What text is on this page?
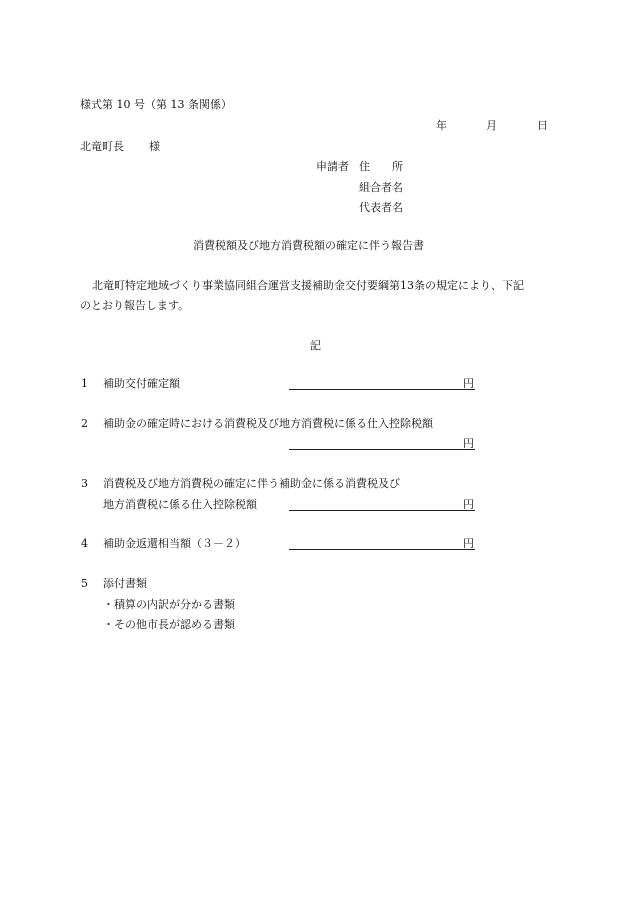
様式第 10 号（第 13 条関係）
年	月	日
北竜町長 様
申請者 住　　所
組合者名
代表者名
消費税額及び地方消費税額の確定に伴う報告書
北竜町特定地域づくり事業協同組合運営支援補助金交付要綱第13条の規定により、下記
のとおり報告します。
記
1 補助交付確定額	円
2 補助金の確定時における消費税及び地方消費税に係る仕入控除税額
円
3 消費税及び地方消費税の確定に伴う補助金に係る消費税及び
地方消費税に係る仕入控除税額	円
4 補助金返還相当額（３－２）	円
5 添付書類
・積算の内訳が分かる書類
・その他市長が認める書類
